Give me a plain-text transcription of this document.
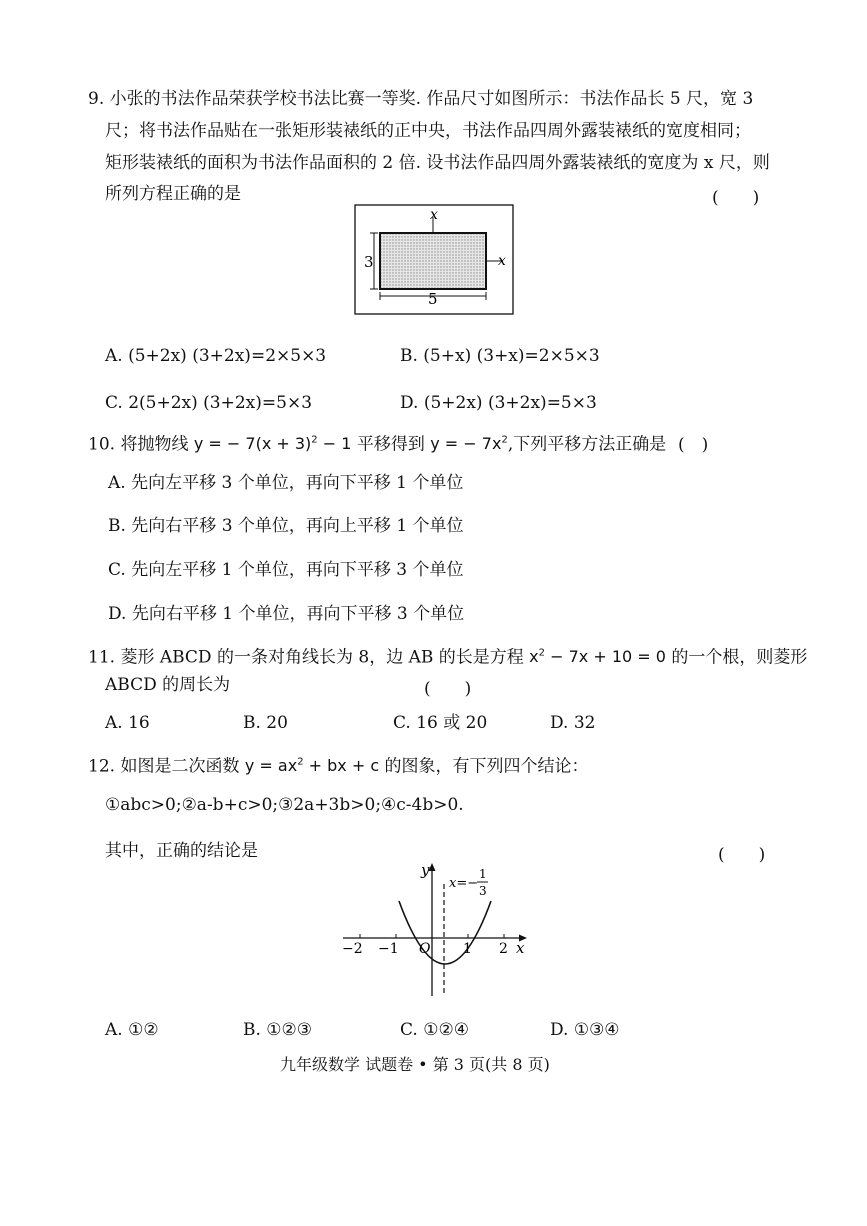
9. 小张的书法作品荣获学校书法比赛一等奖. 作品尺寸如图所示：书法作品长 5 尺，宽 3
尺；将书法作品贴在一张矩形装裱纸的正中央，书法作品四周外露装裱纸的宽度相同；
矩形装裱纸的面积为书法作品面积的 2 倍. 设书法作品四周外露装裱纸的宽度为 x 尺，则
所列方程正确的是	(　　)
x
x
3
5
A. (5+2x) (3+2x)=2×5×3	B. (5+x) (3+x)=2×5×3
C. 2(5+2x) (3+2x)=5×3	D. (5+2x) (3+2x)=5×3
10. 将抛物线 y = − $7(x + 3)^2 - 1$ 平移得到 y = − $7x^2$,下列平移方法正确是 (　)
A. 先向左平移 3 个单位，再向下平移 1 个单位
B. 先向右平移 3 个单位，再向上平移 1 个单位
C. 先向左平移 1 个单位，再向下平移 3 个单位
D. 先向右平移 1 个单位，再向下平移 3 个单位
11. 菱形 ABCD 的一条对角线长为 8，边 AB 的长是方程 $x^2 - 7x + 10 = 0$ 的一个根，则菱形
ABCD 的周长为	(　　)
A. 16	B. 20	C. 16 或 20	D. 32
12. 如图是二次函数 $y = ax^2$ + bx + c 的图象，有下列四个结论：
①abc>0;②a-b+c>0;③2a+3b>0;④c-4b>0.
其中，正确的结论是	(　　)
−2 −1 O 1 2 x
y
x=−
1
3
A. ①②	B. ①②③	C. ①②④	D. ①③④
九年级数学 试题卷 • 第 3 页(共 8 页)
